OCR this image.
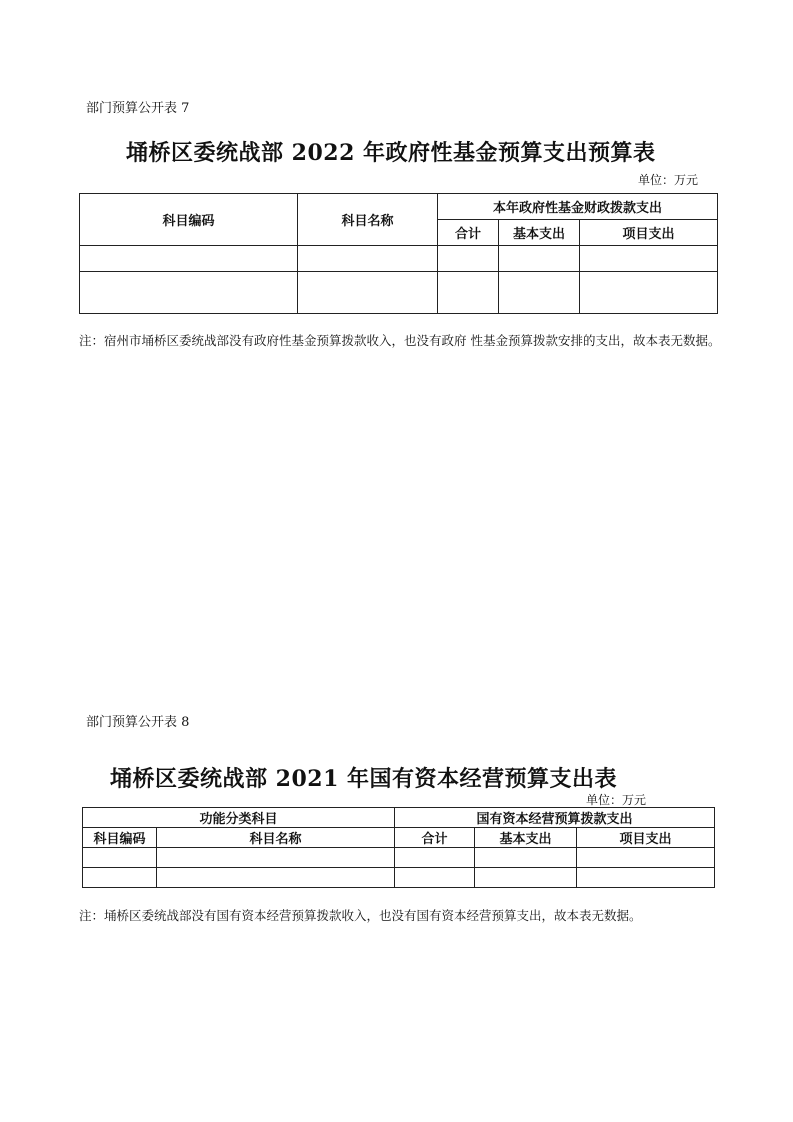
部门预算公开表 7
埇桥区委统战部 2022 年政府性基金预算支出预算表
单位：万元
科目编码	科目名称	本年政府性基金财政拨款支出		
		合计	基本支出	项目支出

注：宿州市埇桥区委统战部没有政府性基金预算拨款收入，也没有政府 性基金预算拨款安排的支出，故本表无数据。
部门预算公开表 8
埇桥区委统战部 2021 年国有资本经营预算支出表
单位：万元
功能分类科目		国有资本经营预算拨款支出		
科目编码	科目名称	合计	基本支出	项目支出

注：埇桥区委统战部没有国有资本经营预算拨款收入，也没有国有资本经营预算支出，故本表无数据。
